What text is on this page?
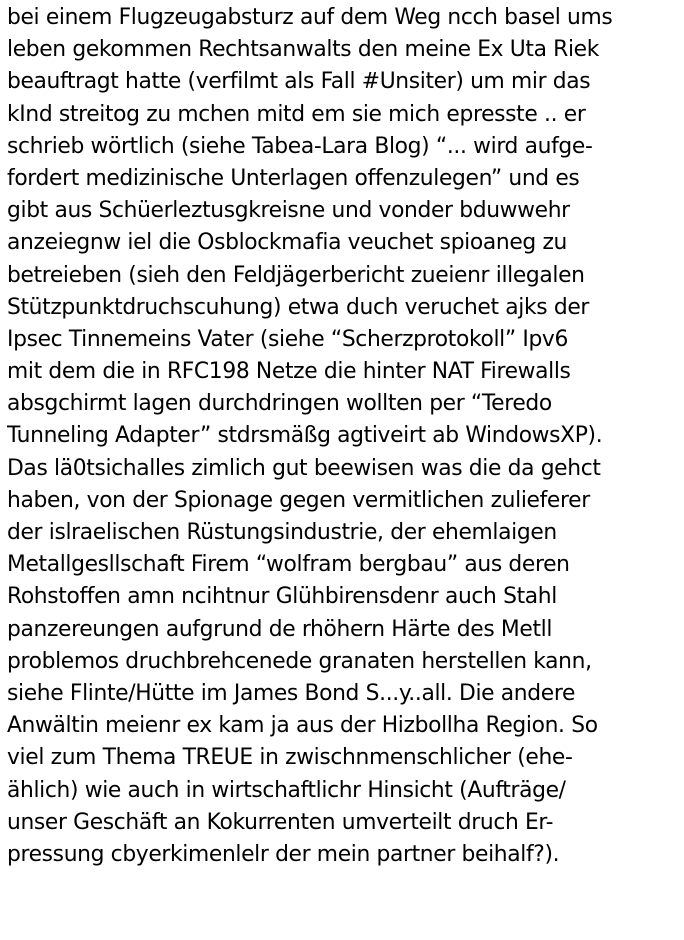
bei einem Flugzeugabsturz auf dem Weg ncch basel ums
leben gekommen Rechtsanwalts den meine Ex Uta Riek
beauftragt hatte (verfilmt als Fall #Unsiter) um mir das
kInd streitog zu mchen mitd em sie mich epresste .. er
schrieb wörtlich (siehe Tabea-Lara Blog) “... wird aufge-
fordert medizinische Unterlagen offenzulegen” und es
gibt aus Schüerleztusgkreisne und vonder bduwwehr
anzeiegnw iel die Osblockmafia veuchet spioaneg zu
betreieben (sieh den Feldjägerbericht zueienr illegalen
Stützpunktdruchscuhung) etwa duch veruchet ajks der
Ipsec Tinnemeins Vater (siehe “Scherzprotokoll” Ipv6
mit dem die in RFC198 Netze die hinter NAT Firewalls
absgchirmt lagen durchdringen wollten per “Teredo
Tunneling Adapter” stdrsmäßg agtiveirt ab WindowsXP).
Das lä0tsichalles zimlich gut beewisen was die da gehct
haben, von der Spionage gegen vermitlichen zulieferer
der islraelischen Rüstungsindustrie, der ehemlaigen
Metallgesllschaft Firem “wolfram bergbau” aus deren
Rohstoffen amn ncihtnur Glühbirensdenr auch Stahl
panzereungen aufgrund de rhöhern Härte des Metll
problemos druchbrehcenede granaten herstellen kann,
siehe Flinte/Hütte im James Bond S...y..all. Die andere
Anwältin meienr ex kam ja aus der Hizbollha Region. So
viel zum Thema TREUE in zwischnmenschlicher (ehe-
ählich) wie auch in wirtschaftlichr Hinsicht (Aufträge/
unser Geschäft an Kokurrenten umverteilt druch Er-
pressung cbyerkimenlelr der mein partner beihalf?).
